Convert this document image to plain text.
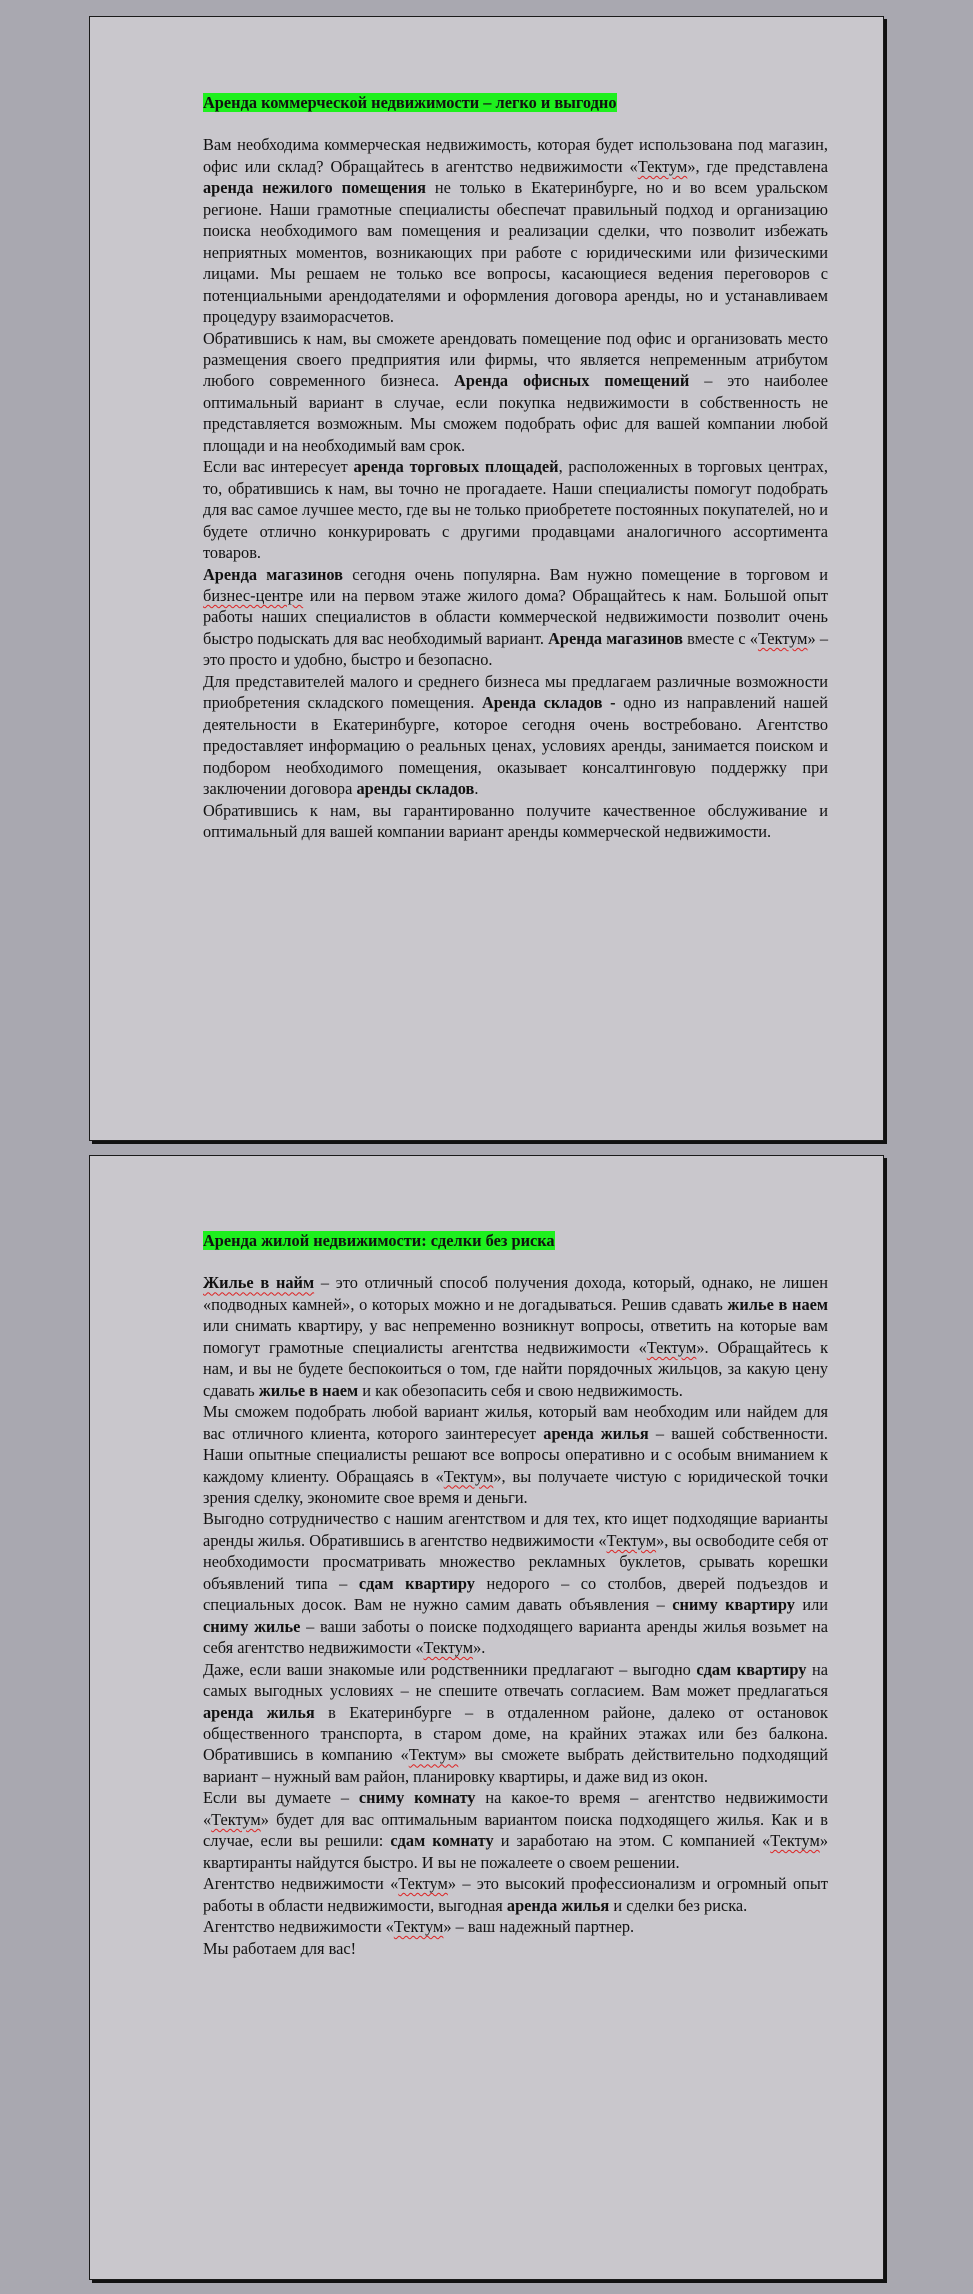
Аренда коммерческой недвижимости – легко и выгодно

Вам необходима коммерческая недвижимость, которая будет использована под магазин, офис или склад? Обращайтесь в агентство недвижимости «Тектум», где представлена аренда нежилого помещения не только в Екатеринбурге, но и во всем уральском регионе. Наши грамотные специалисты обеспечат правильный подход и организацию поиска необходимого вам помещения и реализации сделки, что позволит избежать неприятных моментов, возникающих при работе с юридическими или физическими лицами. Мы решаем не только все вопросы, касающиеся ведения переговоров с потенциальными арендодателями и оформления договора аренды, но и устанавливаем процедуру взаиморасчетов.

Обратившись к нам, вы сможете арендовать помещение под офис и организовать место размещения своего предприятия или фирмы, что является непременным атрибутом любого современного бизнеса. Аренда офисных помещений – это наиболее оптимальный вариант в случае, если покупка недвижимости в собственность не представляется возможным. Мы сможем подобрать офис для вашей компании любой площади и на необходимый вам срок.

Если вас интересует аренда торговых площадей, расположенных в торговых центрах, то, обратившись к нам, вы точно не прогадаете. Наши специалисты помогут подобрать для вас самое лучшее место, где вы не только приобретете постоянных покупателей, но и будете отлично конкурировать с другими продавцами аналогичного ассортимента товаров.

Аренда магазинов сегодня очень популярна. Вам нужно помещение в торговом и бизнес-центре или на первом этаже жилого дома? Обращайтесь к нам. Большой опыт работы наших специалистов в области коммерческой недвижимости позволит очень быстро подыскать для вас необходимый вариант. Аренда магазинов вместе с «Тектум» – это просто и удобно, быстро и безопасно.

Для представителей малого и среднего бизнеса мы предлагаем различные возможности приобретения складского помещения. Аренда складов - одно из направлений нашей деятельности в Екатеринбурге, которое сегодня очень востребовано. Агентство предоставляет информацию о реальных ценах, условиях аренды, занимается поиском и подбором необходимого помещения, оказывает консалтинговую поддержку при заключении договора аренды складов.

Обратившись к нам, вы гарантированно получите качественное обслуживание и оптимальный для вашей компании вариант аренды коммерческой недвижимости.

Аренда жилой недвижимости: сделки без риска

Жилье в найм – это отличный способ получения дохода, который, однако, не лишен «подводных камней», о которых можно и не догадываться. Решив сдавать жилье в наем или снимать квартиру, у вас непременно возникнут вопросы, ответить на которые вам помогут грамотные специалисты агентства недвижимости «Тектум». Обращайтесь к нам, и вы не будете беспокоиться о том, где найти порядочных жильцов, за какую цену сдавать жилье в наем и как обезопасить себя и свою недвижимость.

Мы сможем подобрать любой вариант жилья, который вам необходим или найдем для вас отличного клиента, которого заинтересует аренда жилья – вашей собственности. Наши опытные специалисты решают все вопросы оперативно и с особым вниманием к каждому клиенту. Обращаясь в «Тектум», вы получаете чистую с юридической точки зрения сделку, экономите свое время и деньги.

Выгодно сотрудничество с нашим агентством и для тех, кто ищет подходящие варианты аренды жилья. Обратившись в агентство недвижимости «Тектум», вы освободите себя от необходимости просматривать множество рекламных буклетов, срывать корешки объявлений типа – сдам квартиру недорого – со столбов, дверей подъездов и специальных досок. Вам не нужно самим давать объявления – сниму квартиру или сниму жилье – ваши заботы о поиске подходящего варианта аренды жилья возьмет на себя агентство недвижимости «Тектум».

Даже, если ваши знакомые или родственники предлагают – выгодно сдам квартиру на самых выгодных условиях – не спешите отвечать согласием. Вам может предлагаться аренда жилья в Екатеринбурге – в отдаленном районе, далеко от остановок общественного транспорта, в старом доме, на крайних этажах или без балкона. Обратившись в компанию «Тектум» вы сможете выбрать действительно подходящий вариант – нужный вам район, планировку квартиры, и даже вид из окон.

Если вы думаете – сниму комнату на какое-то время – агентство недвижимости «Тектум» будет для вас оптимальным вариантом поиска подходящего жилья. Как и в случае, если вы решили: сдам комнату и заработаю на этом. С компанией «Тектум» квартиранты найдутся быстро. И вы не пожалеете о своем решении.

Агентство недвижимости «Тектум» – это высокий профессионализм и огромный опыт работы в области недвижимости, выгодная аренда жилья и сделки без риска.

Агентство недвижимости «Тектум» – ваш надежный партнер.

Мы работаем для вас!
